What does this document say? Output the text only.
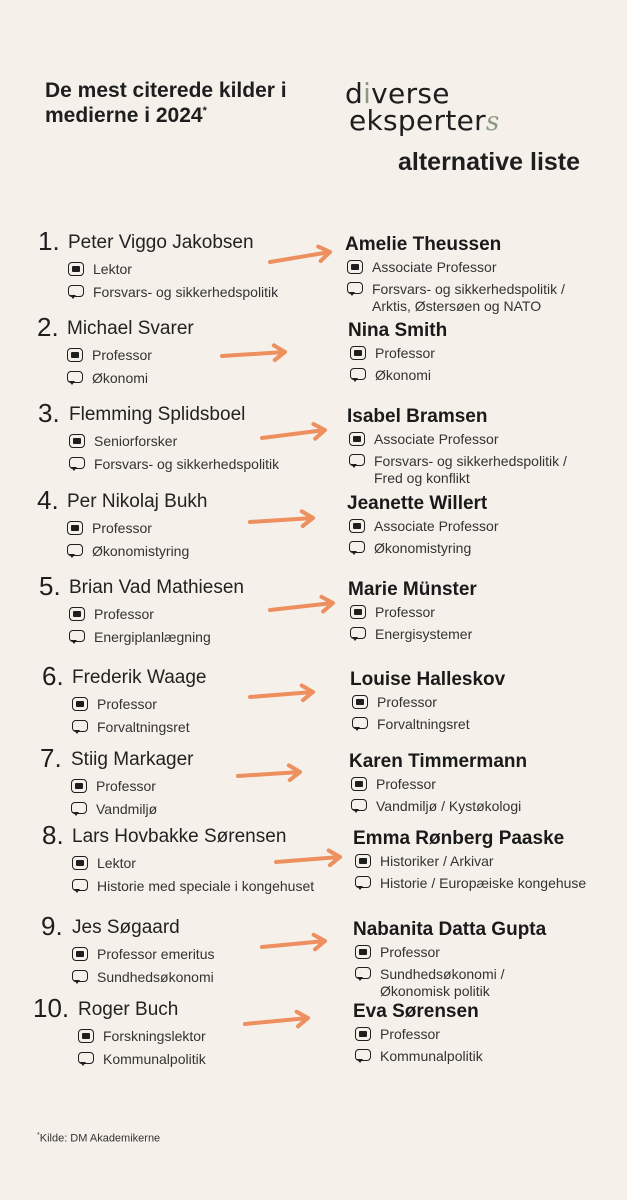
De mest citerede kilder i medierne i 2024*
diverse
eksperters
alternative liste
1. Peter Viggo Jakobsen
Lektor
Forsvars- og sikkerhedspolitik
Amelie Theussen
Associate Professor
Forsvars- og sikkerhedspolitik /
Arktis, Østersøen og NATO
2. Michael Svarer
Professor
Økonomi
Nina Smith
Professor
Økonomi
3. Flemming Splidsboel
Seniorforsker
Forsvars- og sikkerhedspolitik
Isabel Bramsen
Associate Professor
Forsvars- og sikkerhedspolitik /
Fred og konflikt
4. Per Nikolaj Bukh
Professor
Økonomistyring
Jeanette Willert
Associate Professor
Økonomistyring
5. Brian Vad Mathiesen
Professor
Energiplanlægning
Marie Münster
Professor
Energisystemer
6. Frederik Waage
Professor
Forvaltningsret
Louise Halleskov
Professor
Forvaltningsret
7. Stiig Markager
Professor
Vandmiljø
Karen Timmermann
Professor
Vandmiljø / Kystøkologi
8. Lars Hovbakke Sørensen
Lektor
Historie med speciale i kongehuset
Emma Rønberg Paaske
Historiker / Arkivar
Historie / Europæiske kongehuse
9. Jes Søgaard
Professor emeritus
Sundhedsøkonomi
Nabanita Datta Gupta
Professor
Sundhedsøkonomi /
Økonomisk politik
10. Roger Buch
Forskningslektor
Kommunalpolitik
Eva Sørensen
Professor
Kommunalpolitik
*Kilde: DM Akademikerne
